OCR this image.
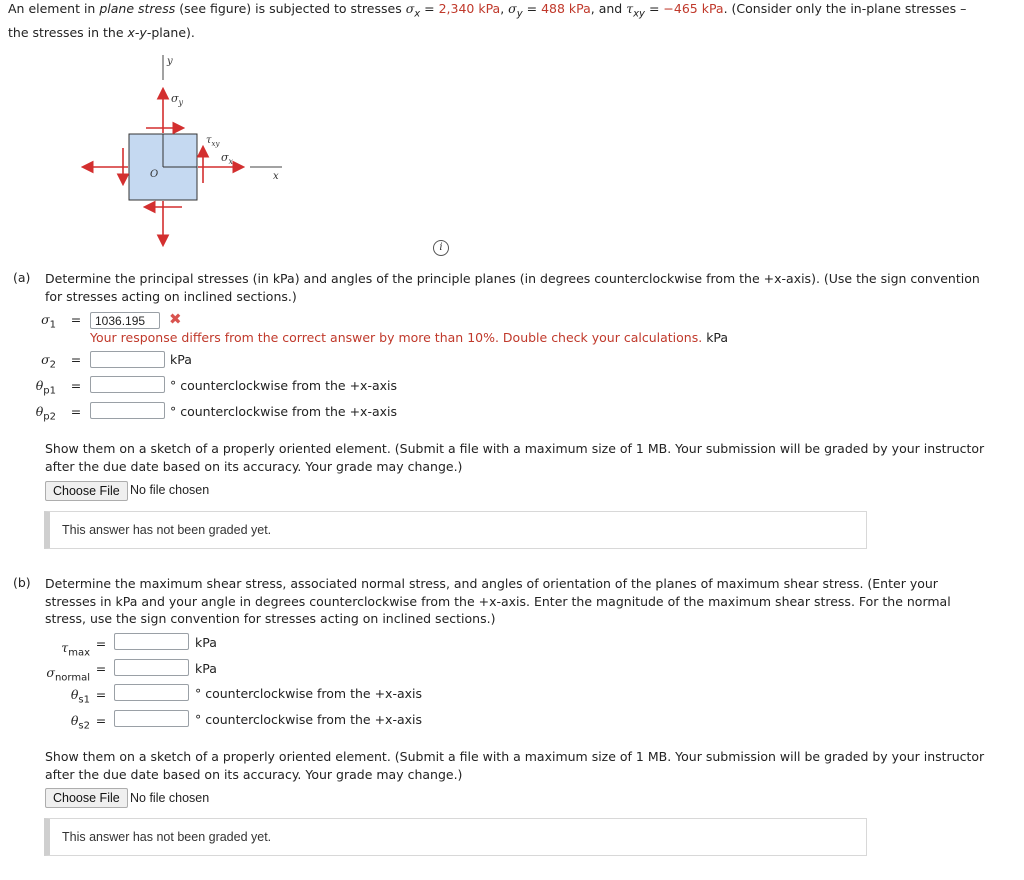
An element in plane stress (see figure) is subjected to stresses $\sigma_x = 2,340$ kPa, $\sigma_y = 488$ kPa, and $\tau_{xy} = -465$ kPa. (Consider only the in-plane stresses –
the stresses in the x-y-plane).
y
O	x
$\sigma_y$
$\tau_{xy}$
$\sigma_x$
i
(a) Determine the principal stresses (in kPa) and angles of the principle planes (in degrees counterclockwise from the +x-axis). (Use the sign convention for stresses acting on inclined sections.)
$\sigma_1$ =
1036.195	✖
Your response differs from the correct answer by more than 10%. Double check your calculations. kPa
$\sigma_2$ =	kPa
$\theta_{p1}$ =	° counterclockwise from the +x-axis
$\theta_{p2}$ =	° counterclockwise from the +x-axis
Show them on a sketch of a properly oriented element. (Submit a file with a maximum size of 1 MB. Your submission will be graded by your instructor after the due date based on its accuracy. Your grade may change.)
Choose File No file chosen
This answer has not been graded yet.
(b) Determine the maximum shear stress, associated normal stress, and angles of orientation of the planes of maximum shear stress. (Enter your stresses in kPa and your angle in degrees counterclockwise from the +x-axis. Enter the magnitude of the maximum shear stress. For the normal stress, use the sign convention for stresses acting on inclined sections.)
$\tau_{max}$
=	kPa
$\sigma_{normal}$
=	kPa
$\theta_{s1}$ =	° counterclockwise from the +x-axis
$\theta_{s2}$ =	° counterclockwise from the +x-axis
Show them on a sketch of a properly oriented element. (Submit a file with a maximum size of 1 MB. Your submission will be graded by your instructor after the due date based on its accuracy. Your grade may change.)
Choose File No file chosen
This answer has not been graded yet.
